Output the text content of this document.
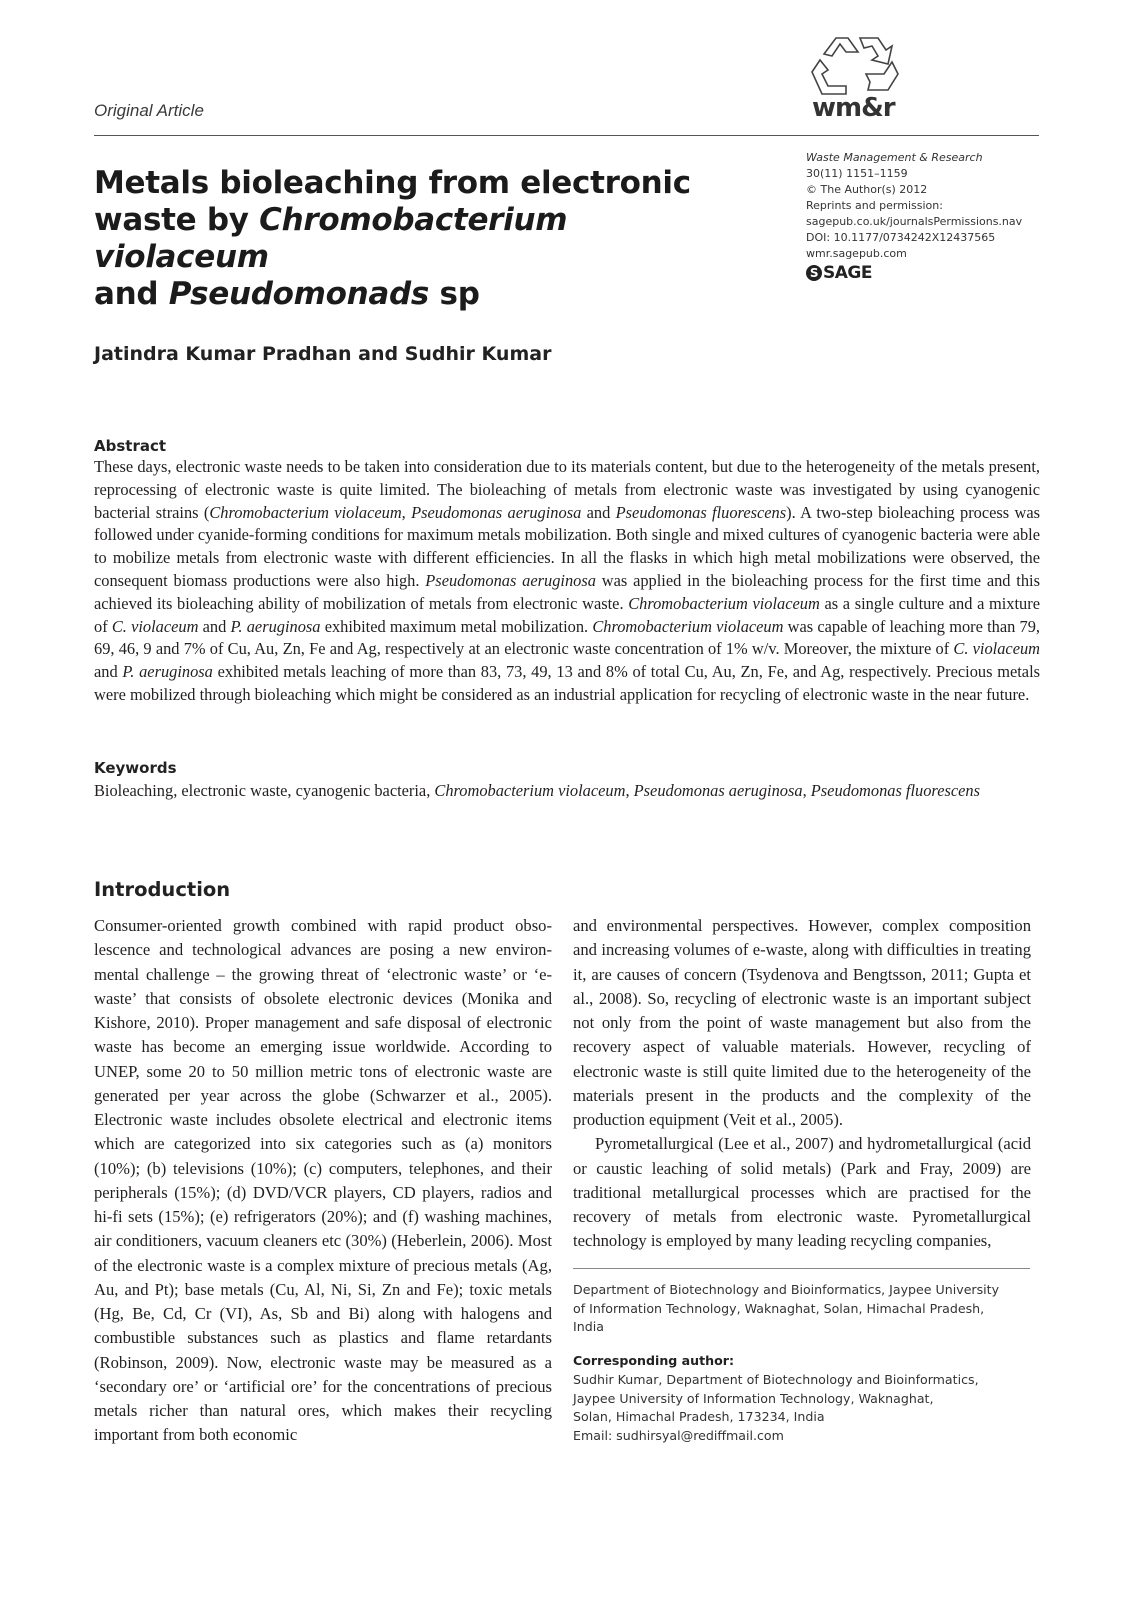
Original Article	wm&r
Metals bioleaching from electronic
waste by Chromobacterium violaceum
and Pseudomonads sp
Waste Management & Research
30(11) 1151–1159
© The Author(s) 2012
Reprints and permission:
sagepub.co.uk/journalsPermissions.nav
DOI: 10.1177/0734242X12437565
wmr.sagepub.com
S SAGE
Jatindra Kumar Pradhan and Sudhir Kumar
Abstract
These days, electronic waste needs to be taken into consideration due to its materials content, but due to the heterogeneity of the metals present, reprocessing of electronic waste is quite limited. The bioleaching of metals from electronic waste was investigated by using cyanogenic bacterial strains (Chromobacterium violaceum, Pseudomonas aeruginosa and Pseudomonas fluorescens). A two-step bioleaching process was followed under cyanide-forming conditions for maximum metals mobilization. Both single and mixed cultures of cyanogenic bacteria were able to mobilize metals from electronic waste with different efficiencies. In all the flasks in which high metal mobilizations were observed, the consequent biomass productions were also high. Pseudomonas aeruginosa was applied in the bioleaching process for the first time and this achieved its bioleaching ability of mobilization of metals from electronic waste. Chromobacterium violaceum as a single culture and a mixture of C. violaceum and P. aeruginosa exhibited maximum metal mobilization. Chromobacterium violaceum was capable of leaching more than 79, 69, 46, 9 and 7% of Cu, Au, Zn, Fe and Ag, respectively at an electronic waste concentration of 1% w/v. Moreover, the mixture of C. violaceum and P. aeruginosa exhibited metals leaching of more than 83, 73, 49, 13 and 8% of total Cu, Au, Zn, Fe, and Ag, respectively. Precious metals were mobilized through bioleaching which might be considered as an industrial application for recycling of electronic waste in the near future.
Keywords
Bioleaching, electronic waste, cyanogenic bacteria, Chromobacterium violaceum, Pseudomonas aeruginosa, Pseudomonas fluorescens
Introduction
Consumer-oriented growth combined with rapid product obsolescence and technological advances are posing a new environmental challenge – the growing threat of ‘electronic waste’ or ‘e-waste’ that consists of obsolete electronic devices (Monika and Kishore, 2010). Proper management and safe disposal of electronic waste has become an emerging issue worldwide. According to UNEP, some 20 to 50 million metric tons of electronic waste are generated per year across the globe (Schwarzer et al., 2005). Electronic waste includes obsolete electrical and electronic items which are categorized into six categories such as (a) monitors (10%); (b) televisions (10%); (c) computers, telephones, and their peripherals (15%); (d) DVD/VCR players, CD players, radios and hi-fi sets (15%); (e) refrigerators (20%); and (f) washing machines, air conditioners, vacuum cleaners etc (30%) (Heberlein, 2006). Most of the electronic waste is a complex mixture of precious metals (Ag, Au, and Pt); base metals (Cu, Al, Ni, Si, Zn and Fe); toxic metals (Hg, Be, Cd, Cr (VI), As, Sb and Bi) along with halogens and combustible substances such as plastics and flame retardants (Robinson, 2009). Now, electronic waste may be measured as a ‘secondary ore’ or ‘artificial ore’ for the concentrations of precious metals richer than natural ores, which makes their recycling important from both economic
and environmental perspectives. However, complex composition and increasing volumes of e-waste, along with difficulties in treating it, are causes of concern (Tsydenova and Bengtsson, 2011; Gupta et al., 2008). So, recycling of electronic waste is an important subject not only from the point of waste management but also from the recovery aspect of valuable materials. However, recycling of electronic waste is still quite limited due to the heterogeneity of the materials present in the products and the complexity of the production equipment (Veit et al., 2005).
Pyrometallurgical (Lee et al., 2007) and hydrometallurgical (acid or caustic leaching of solid metals) (Park and Fray, 2009) are traditional metallurgical processes which are practised for the recovery of metals from electronic waste. Pyrometallurgical technology is employed by many leading recycling companies,
Department of Biotechnology and Bioinformatics, Jaypee University
of Information Technology, Waknaghat, Solan, Himachal Pradesh,
India
Corresponding author:
Sudhir Kumar, Department of Biotechnology and Bioinformatics,
Jaypee University of Information Technology, Waknaghat,
Solan, Himachal Pradesh, 173234, India
Email: sudhirsyal@rediffmail.com
